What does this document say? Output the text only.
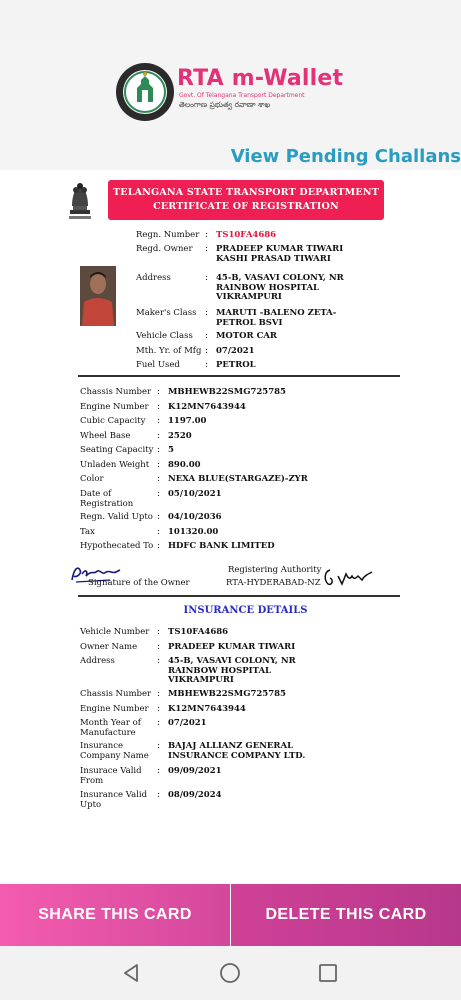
RTA m-Wallet
Govt. Of Telangana Transport Department
తెలంగాణ ప్రభుత్వ రవాణా శాఖ
View Pending Challans
TELANGANA STATE TRANSPORT DEPARTMENT
CERTIFICATE OF REGISTRATION
Signature of the Owner
Registering Authority
RTA-HYDERABAD-NZ
INSURANCE DETAILS
Regn. Number : TS10FA4686
Regd. Owner : PRADEEP KUMAR TIWARI
KASHI PRASAD TIWARI
Address	: 45-B, VASAVI COLONY, NR
RAINBOW HOSPITAL
VIKRAMPURI
Maker's Class : MARUTI -BALENO ZETA-
PETROL BSVI
Vehicle Class : MOTOR CAR
Mth. Yr. of Mfg : 07/2021
Fuel Used	: PETROL
Chassis Number : MBHEWB22SMG725785
Engine Number : K12MN7643944
Cubic Capacity : 1197.00
Wheel Base	: 2520
Seating Capacity : 5
Unladen Weight : 890.00
Color	: NEXA BLUE(STARGAZE)-ZYR
Date of
Registration
: 05/10/2021
Regn. Valid Upto : 04/10/2036
Tax	: 101320.00
Hypothecated To : HDFC BANK LIMITED
Vehicle Number : TS10FA4686
Owner Name : PRADEEP KUMAR TIWARI
Address	: 45-B, VASAVI COLONY, NR
RAINBOW HOSPITAL
VIKRAMPURI
Chassis Number : MBHEWB22SMG725785
Engine Number : K12MN7643944
Month Year of
Manufacture
: 07/2021
Insurance
Company Name
: BAJAJ ALLIANZ GENERAL
INSURANCE COMPANY LTD.
Insurace Valid
From
: 09/09/2021
Insurance Valid
Upto
: 08/09/2024
SHARE THIS CARD	DELETE THIS CARD
